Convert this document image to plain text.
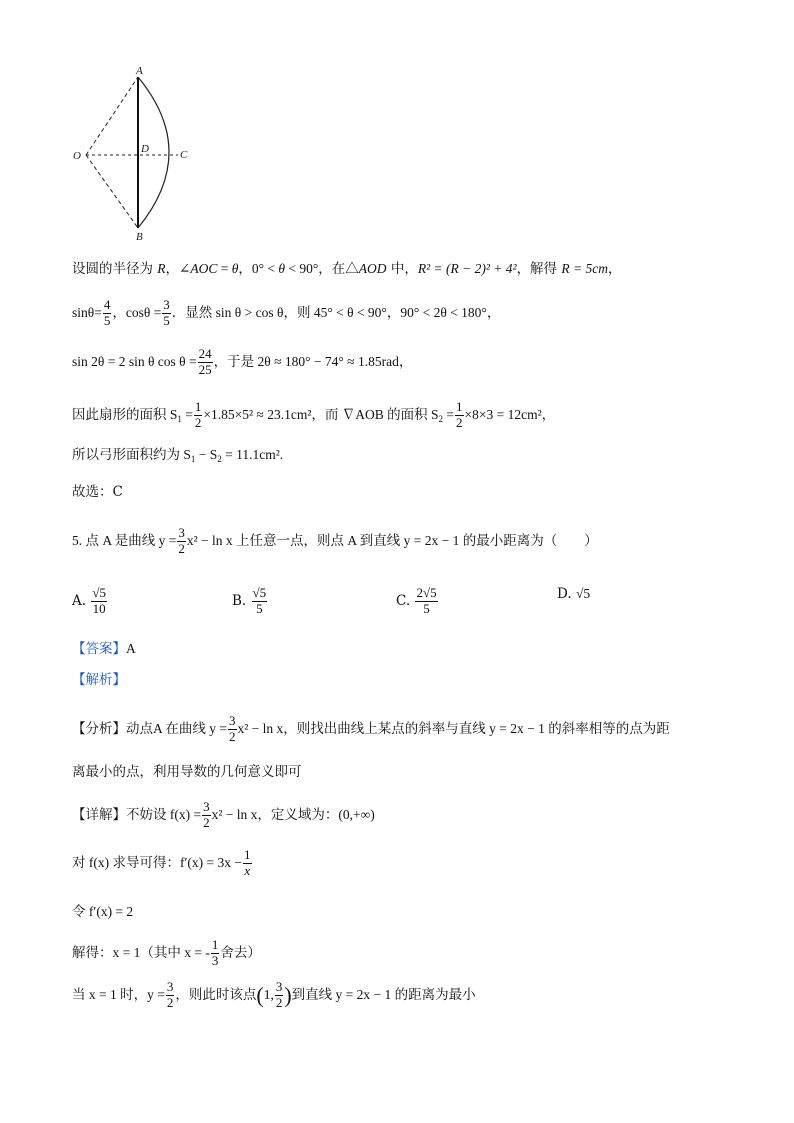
A
B
C
D
O
设圆的半径为 R，∠AOC = θ，0° < θ < 90°，在△AOD 中，R² = (R − 2)² + 4²，解得 R = 5cm，
$\sin\theta= \frac{4}{5}$ ，$\cos\theta = \frac{3}{5}$ ．显然 sin θ > cos θ，则 45° < θ < 90°，90° < 2θ < 180°，
sin 2θ = 2 sin θ $\cos \theta = \frac{24}{25}$ ，于是 2θ ≈ 180° − 74° ≈ 1.85rad，
因此扇形的面积 $S_1 = \frac{1}{2} \times 1.85\times 5^2 \approx 23.1cm^2$，而 ∇AOB 的面积 $S_2 = \frac{1}{2} \times 8\times 3 = 12cm^2$，
所以弓形面积约为 $S_1 - S_2 = 11.1cm^2$.
故选：C
5. 点 A 是曲线 $y = \frac{3}{2} x^2 - \ln x$ 上任意一点，则点 A 到直线 y = 2x − 1 的最小距离为（　　）
A. $\frac{√5}{10}$	B. $\frac{√5}{5}$	C. $\frac{2√5}{5}$	D. √5
【答案】A
【解析】
【分析】动点A 在曲线 $y = \frac{3}{2} x^2 - \ln x$，则找出曲线上某点的斜率与直线 y = 2x − 1 的斜率相等的点为距
离最小的点，利用导数的几何意义即可
【详解】不妨设 $f(x) = \frac{3}{2} x^2 - \ln x$，定义域为：(0,+∞)
对 f(x) 求导可得：$f'(x) = 3x - \frac{1}{x}$
令 f′(x) = 2
解得：x = 1（其中 x = - $\frac{1}{3}$ 舍去）
当 x = 1 时，$y = \frac{3}{2}$ ，则此时该点(1, $\frac{3}{2}$ )到直线 y = 2x − 1 的距离为最小
